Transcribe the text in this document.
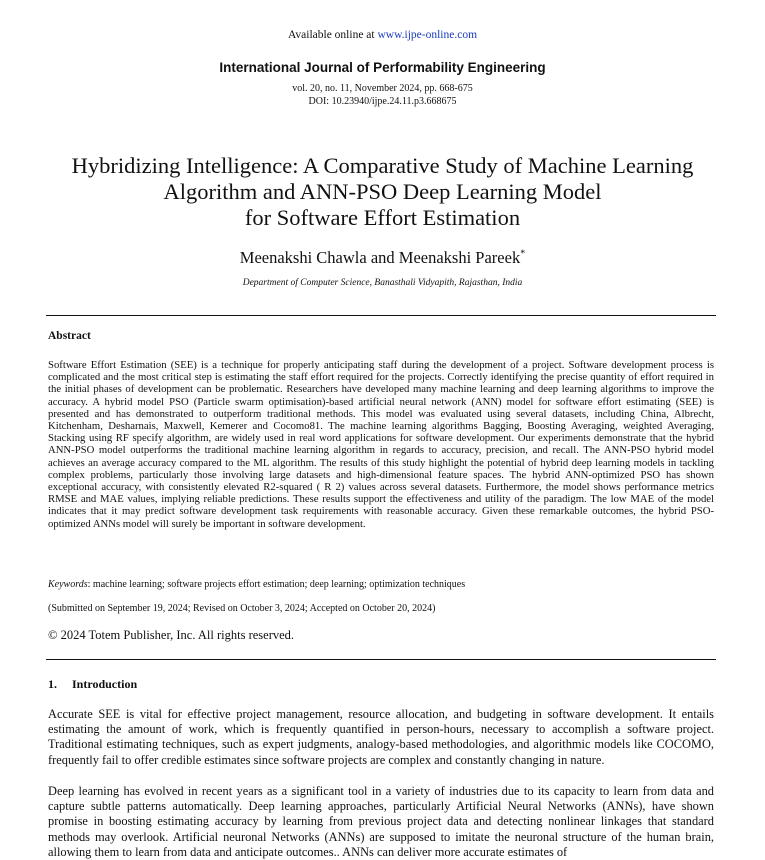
Available online at www.ijpe-online.com
International Journal of Performability Engineering
vol. 20, no. 11, November 2024, pp. 668-675
DOI: 10.23940/ijpe.24.11.p3.668675
Hybridizing Intelligence: A Comparative Study of Machine Learning
Algorithm and ANN-PSO Deep Learning Model
for Software Effort Estimation
Meenakshi Chawla and Meenakshi Pareek*
Department of Computer Science, Banasthali Vidyapith, Rajasthan, India
Abstract
Software Effort Estimation (SEE) is a technique for properly anticipating staff during the development of a project. Software development process is complicated and the most critical step is estimating the staff effort required for the projects. Correctly identifying the precise quantity of effort required in the initial phases of development can be problematic. Researchers have developed many machine learning and deep learning algorithms to improve the accuracy. A hybrid model PSO (Particle swarm optimisation)-based artificial neural network (ANN) model for software effort estimating (SEE) is presented and has demonstrated to outperform traditional methods. This model was evaluated using several datasets, including China, Albrecht, Kitchenham, Desharnais, Maxwell, Kemerer and Cocomo81. The machine learning algorithms Bagging, Boosting Averaging, weighted Averaging, Stacking using RF specify algorithm, are widely used in real word applications for software development. Our experiments demonstrate that the hybrid ANN-PSO model outperforms the traditional machine learning algorithm in regards to accuracy, precision, and recall. The ANN-PSO hybrid model achieves an average accuracy compared to the ML algorithm. The results of this study highlight the potential of hybrid deep learning models in tackling complex problems, particularly those involving large datasets and high-dimensional feature spaces. The hybrid ANN-optimized PSO has shown exceptional accuracy, with consistently elevated R2-squared ( R 2) values across several datasets. Furthermore, the model shows performance metrics RMSE and MAE values, implying reliable predictions. These results support the effectiveness and utility of the paradigm. The low MAE of the model indicates that it may predict software development task requirements with reasonable accuracy. Given these remarkable outcomes, the hybrid PSO-optimized ANNs model will surely be important in software development.
Keywords: machine learning; software projects effort estimation; deep learning; optimization techniques
(Submitted on September 19, 2024; Revised on October 3, 2024; Accepted on October 20, 2024)
© 2024 Totem Publisher, Inc. All rights reserved.
1. Introduction
Accurate SEE is vital for effective project management, resource allocation, and budgeting in software development. It entails estimating the amount of work, which is frequently quantified in person-hours, necessary to accomplish a software project. Traditional estimating techniques, such as expert judgments, analogy-based methodologies, and algorithmic models like COCOMO, frequently fail to offer credible estimates since software projects are complex and constantly changing in nature.
Deep learning has evolved in recent years as a significant tool in a variety of industries due to its capacity to learn from data and capture subtle patterns automatically. Deep learning approaches, particularly Artificial Neural Networks (ANNs), have shown promise in boosting estimating accuracy by learning from previous project data and detecting nonlinear linkages that standard methods may overlook. Artificial neuronal Networks (ANNs) are supposed to imitate the neuronal structure of the human brain, allowing them to learn from data and anticipate outcomes.. ANNs can deliver more accurate estimates of
